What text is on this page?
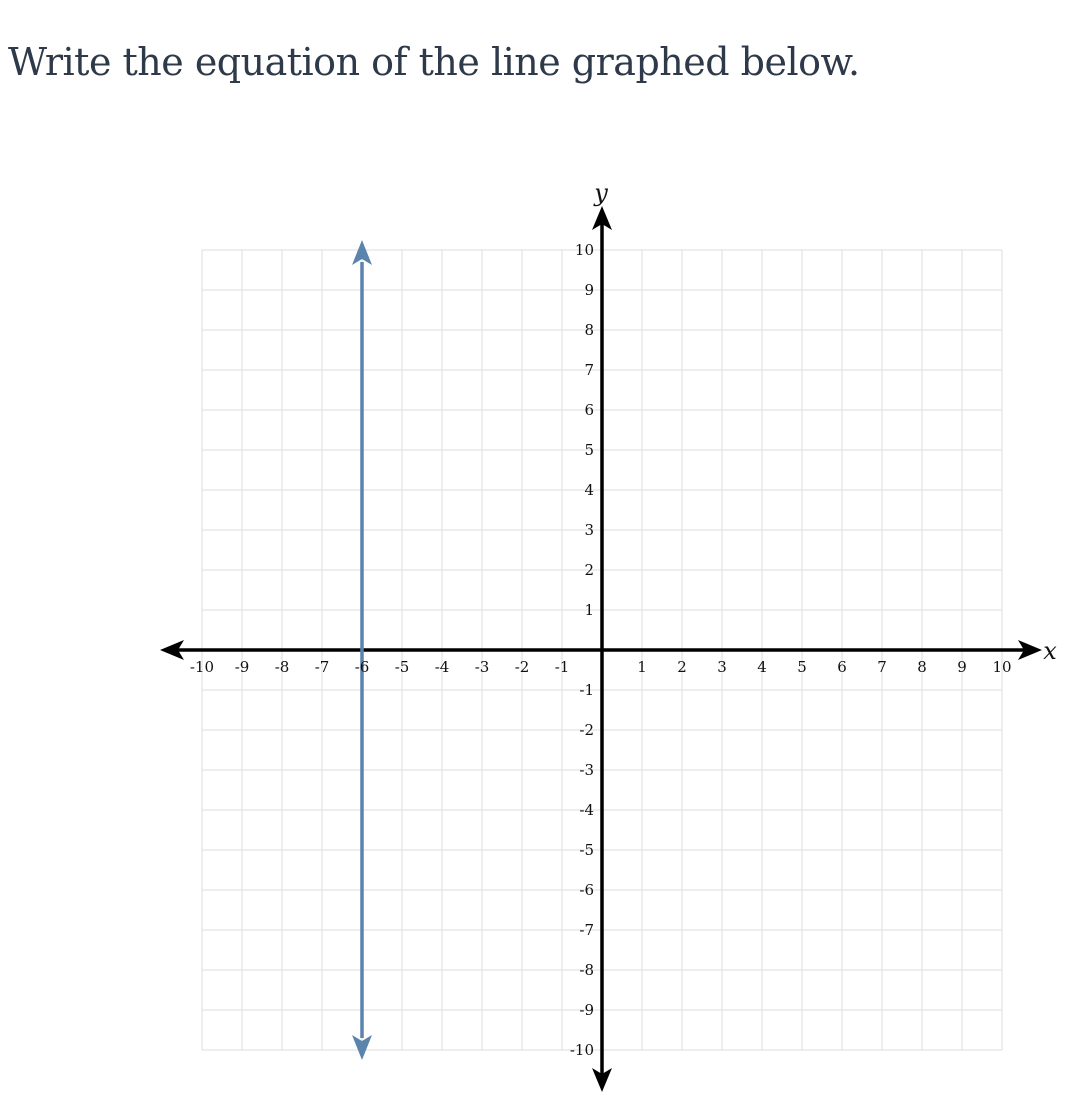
Write the equation of the line graphed below.
-10 -9 -8 -7 -6 -5 -4 -3 -2 -1	1 2 3 4 5 6 7 8 9 10
10
9
8
7
6
5
4
3
2
1
-1
-2
-3
-4
-5
-6
-7
-8
-9
-10
x
y
